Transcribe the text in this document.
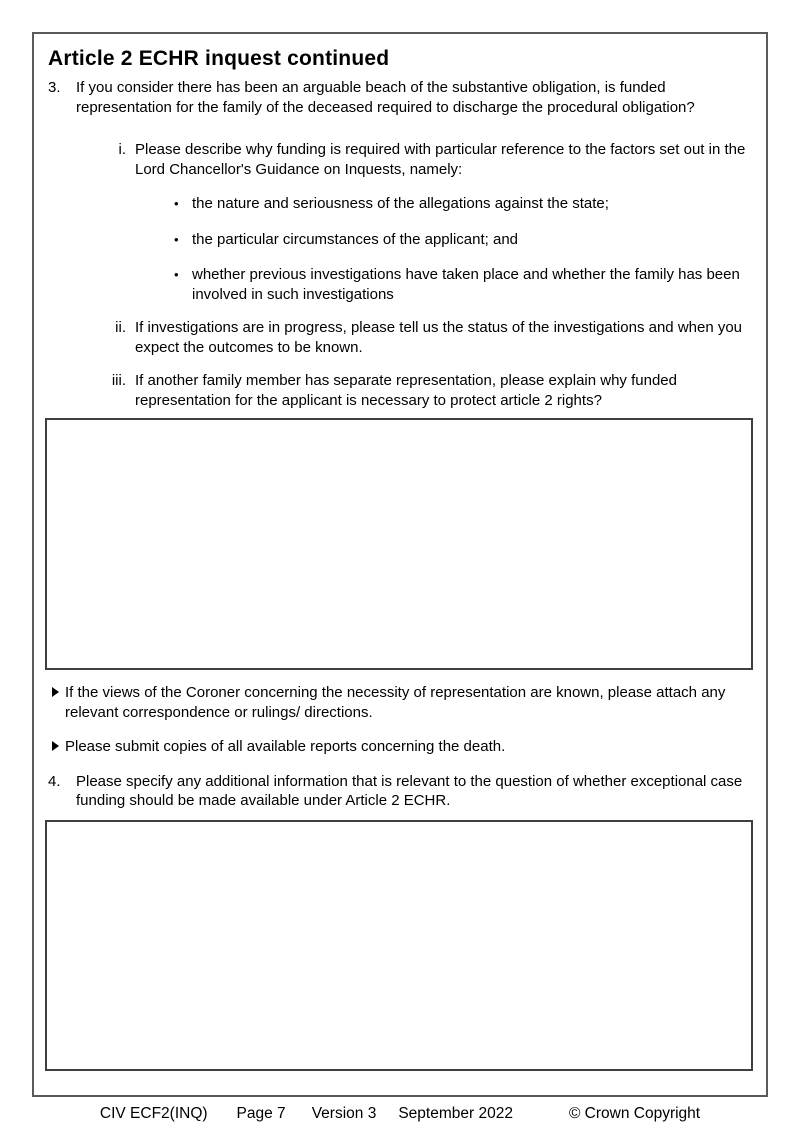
Article 2 ECHR inquest continued
3.	If you consider there has been an arguable beach of the substantive obligation, is funded representation for the family of the deceased required to discharge the procedural obligation?
i. Please describe why funding is required with particular reference to the factors set out in the Lord Chancellor's Guidance on Inquests, namely:
• the nature and seriousness of the allegations against the state;
• the particular circumstances of the applicant; and
• whether previous investigations have taken place and whether the family has been involved in such investigations
ii. If investigations are in progress, please tell us the status of the investigations and when you expect the outcomes to be known.
iii. If another family member has separate representation, please explain why funded representation for the applicant is necessary to protect article 2 rights?
If the views of the Coroner concerning the necessity of representation are known, please attach any relevant correspondence or rulings/ directions.
Please submit copies of all available reports concerning the death.
4.	Please specify any additional information that is relevant to the question of whether exceptional case funding should be made available under Article 2 ECHR.
CIV ECF2(INQ) Page 7 Version 3 September 2022	© Crown Copyright
